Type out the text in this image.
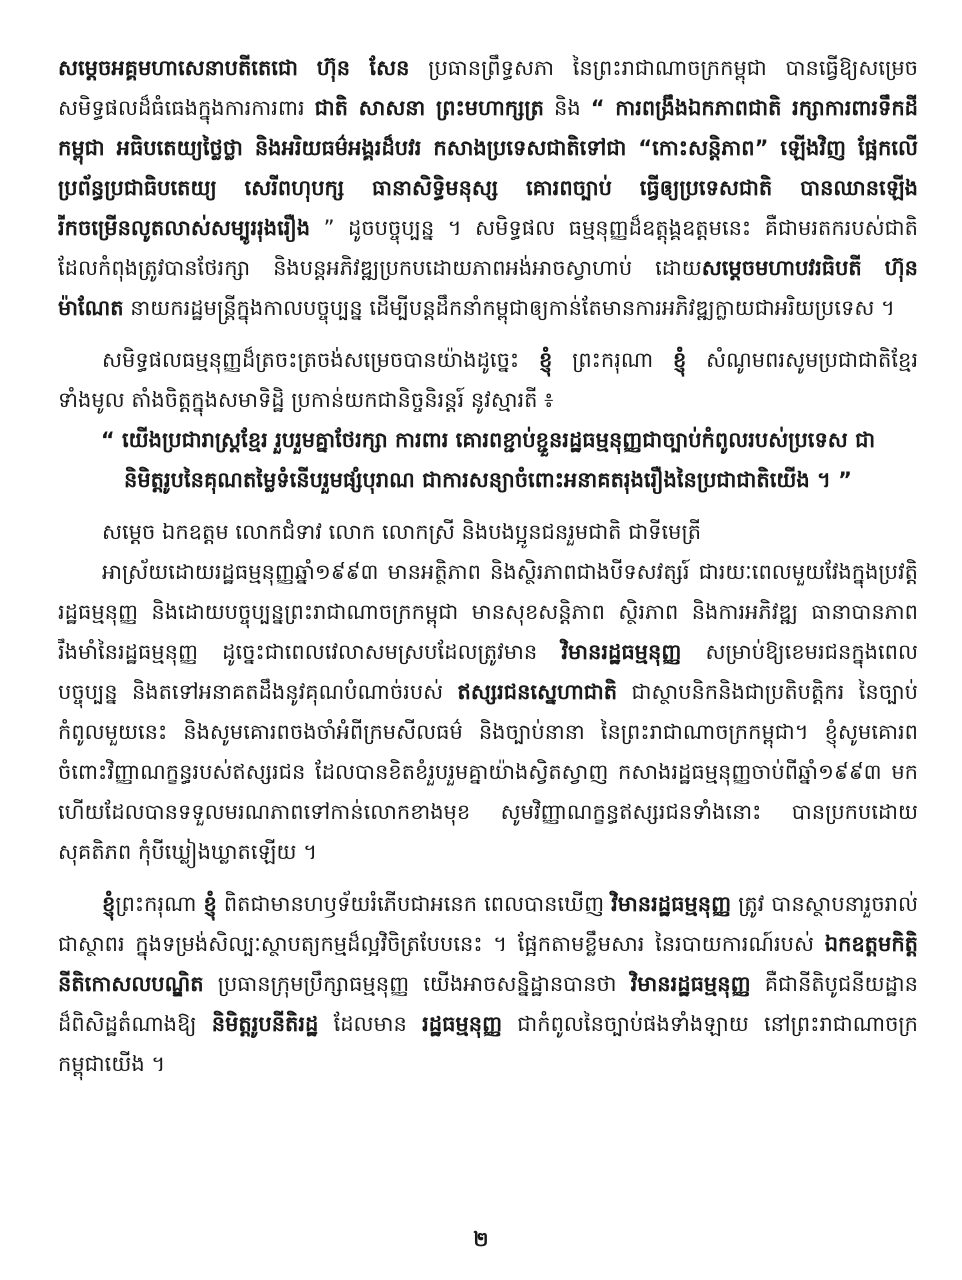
សម្តេចអគ្គមហាសេនាបតីតេជោ ហ៊ុន សែន ប្រធានព្រឹទ្ធសភា នៃព្រះរាជាណាចក្រកម្ពុជា បានធ្វើឱ្យសម្រេចសមិទ្ធផលដ៏ធំធេងក្នុងការការពារ ជាតិ សាសនា ព្រះមហាក្សត្រ និង “ ការពង្រឹងឯកភាពជាតិ រក្សាការពារទឹកដីកម្ពុជា អធិបតេយ្យថ្លៃថ្លា និងអរិយធម៌អង្គរដ៏បវរ កសាងប្រទេសជាតិទៅជា “កោះសន្តិភាព” ឡើងវិញ ផ្អែកលើប្រព័ន្ធប្រជាធិបតេយ្យ សេរីពហុបក្ស ធានាសិទ្ធិមនុស្ស គោរពច្បាប់ ធ្វើឲ្យប្រទេសជាតិ បានឈានឡើងរីកចម្រើនលូតលាស់សម្បូររុងរឿង ” ដូចបច្ចុប្បន្ន ។ សមិទ្ធផល ធម្មនុញ្ញដ៏ឧត្តុង្គឧត្តមនេះ គឺជាមរតករបស់ជាតិ ដែលកំពុងត្រូវបានថែរក្សា និងបន្តអភិវឌ្ឍប្រកបដោយភាពអង់អាចស្វាហាប់ ដោយសម្តេចមហាបវរធិបតី ហ៊ុន ម៉ាណែត នាយករដ្ឋមន្ត្រីក្នុងកាលបច្ចុប្បន្ន ដើម្បីបន្តដឹកនាំកម្ពុជាឲ្យកាន់តែមានការអភិវឌ្ឍក្លាយជាអរិយប្រទេស ។

សមិទ្ធផលធម្មនុញ្ញដ៏ត្រចះត្រចង់សម្រេចបានយ៉ាងដូច្នេះ ខ្ញុំ ព្រះករុណា ខ្ញុំ សំណូមពរសូមប្រជាជាតិខ្មែរទាំងមូល តាំងចិត្តក្នុងសមាទិដ្ឋិ ប្រកាន់យកជានិច្ចនិរន្តរ៍ នូវស្មារតី ៖

“ យើងប្រជារាស្ត្រខ្មែរ រួបរួមគ្នាថែរក្សា ការពារ គោរពខ្ជាប់ខ្ជួនរដ្ឋធម្មនុញ្ញជាច្បាប់កំពូលរបស់ប្រទេស ជានិមិត្តរូបនៃគុណតម្លៃទំនើបរួមផ្សំបុរាណ ជាការសន្យាចំពោះអនាគតរុងរឿងនៃប្រជាជាតិយើង ។ ”

សម្តេច ឯកឧត្តម លោកជំទាវ លោក លោកស្រី និងបងប្អូនជនរួមជាតិ ជាទីមេត្រី

អាស្រ័យដោយរដ្ឋធម្មនុញ្ញឆ្នាំ១៩៩៣ មានអត្ថិភាព និងស្ថិរភាពជាងបីទសវត្សរ៍ ជារយៈពេលមួយវែងក្នុងប្រវត្តិរដ្ឋធម្មនុញ្ញ និងដោយបច្ចុប្បន្នព្រះរាជាណាចក្រកម្ពុជា មានសុខសន្តិភាព ស្ថិរភាព និងការអភិវឌ្ឍ ធានាបានភាពរឹងមាំនៃរដ្ឋធម្មនុញ្ញ ដូច្នេះជាពេលវេលាសមស្របដែលត្រូវមាន វិមានរដ្ឋធម្មនុញ្ញ សម្រាប់ឱ្យខេមរជនក្នុងពេលបច្ចុប្បន្ន និងតទៅអនាគតដឹងនូវគុណបំណាច់របស់ ឥស្សរជនស្នេហាជាតិ ជាស្ថាបនិកនិងជាប្រតិបត្តិករ នៃច្បាប់កំពូលមួយនេះ និងសូមគោរពចងចាំអំពីក្រមសីលធម៌ និងច្បាប់នានា នៃព្រះរាជាណាចក្រកម្ពុជា។ ខ្ញុំសូមគោរពចំពោះវិញ្ញាណក្ខន្ធរបស់ឥស្សរជន ដែលបានខិតខំរួបរួមគ្នាយ៉ាងស្វិតស្វាញ កសាងរដ្ឋធម្មនុញ្ញចាប់ពីឆ្នាំ១៩៩៣ មក ហើយដែលបានទទួលមរណភាពទៅកាន់លោកខាងមុខ សូមវិញ្ញាណក្ខន្ធឥស្សរជនទាំងនោះ បានប្រកបដោយសុគតិភព កុំបីឃ្លៀងឃ្លាតឡើយ ។

ខ្ញុំព្រះករុណា ខ្ញុំ ពិតជាមានហឫទ័យរំភើបជាអនេក ពេលបានឃើញ វិមានរដ្ឋធម្មនុញ្ញ ត្រូវ បានស្ថាបនារួចរាល់ជាស្ថាពរ ក្នុងទម្រង់សិល្បៈស្ថាបត្យកម្មដ៏ល្អវិចិត្របែបនេះ ។ ផ្អែកតាមខ្លឹមសារ នៃរបាយការណ៍របស់ ឯកឧត្តមកិត្តិនីតិកោសលបណ្ឌិត ប្រធានក្រុមប្រឹក្សាធម្មនុញ្ញ យើងអាចសន្និដ្ឋានបានថា វិមានរដ្ឋធម្មនុញ្ញ គឺជានីតិបូជនីយដ្ឋានដ៏ពិសិដ្ឋតំណាងឱ្យ និមិត្តរូបនីតិរដ្ឋ ដែលមាន រដ្ឋធម្មនុញ្ញ ជាកំពូលនៃច្បាប់ផងទាំងឡាយ នៅព្រះរាជាណាចក្រកម្ពុជាយើង ។

២
